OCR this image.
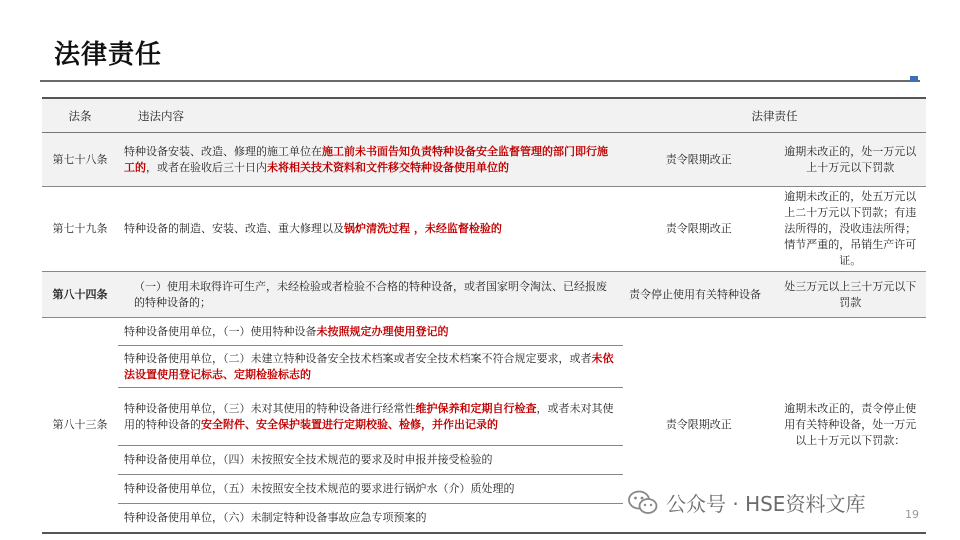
法律责任
法条	违法内容	法律责任	
第七十八条	特种设备安装、改造、修理的施工单位在施工前未书面告知负责特种设备安全监督管理的部门即行施工的，或者在验收后三十日内未将相关技术资料和文件移交特种设备使用单位的	责令限期改正	逾期未改正的，处一万元以上十万元以下罚款
第七十九条	特种设备的制造、安装、改造、重大修理以及锅炉清洗过程 ，未经监督检验的	责令限期改正	逾期未改正的，处五万元以上二十万元以下罚款；有违法所得的，没收违法所得；情节严重的，吊销生产许可证。
第八十四条	（一）使用未取得许可生产，未经检验或者检验不合格的特种设备，或者国家明令淘汰、已经报废的特种设备的；	责令停止使用有关特种设备	处三万元以上三十万元以下罚款
第八十三条	特种设备使用单位，（一）使用特种设备未按照规定办理使用登记的	责令限期改正	逾期未改正的，责令停止使用有关特种设备，处一万元以上十万元以下罚款：
	特种设备使用单位，（二）未建立特种设备安全技术档案或者安全技术档案不符合规定要求，或者未依法设置使用登记标志、定期检验标志的		
	特种设备使用单位，（三）未对其使用的特种设备进行经常性维护保养和定期自行检查，或者未对其使用的特种设备的安全附件、安全保护装置进行定期校验、检修，并作出记录的		
	特种设备使用单位，（四）未按照安全技术规范的要求及时申报并接受检验的		
	特种设备使用单位，（五）未按照安全技术规范的要求进行锅炉水（介）质处理的		
	特种设备使用单位，（六）未制定特种设备事故应急专项预案的		
公众号 · HSE资料文库	19
